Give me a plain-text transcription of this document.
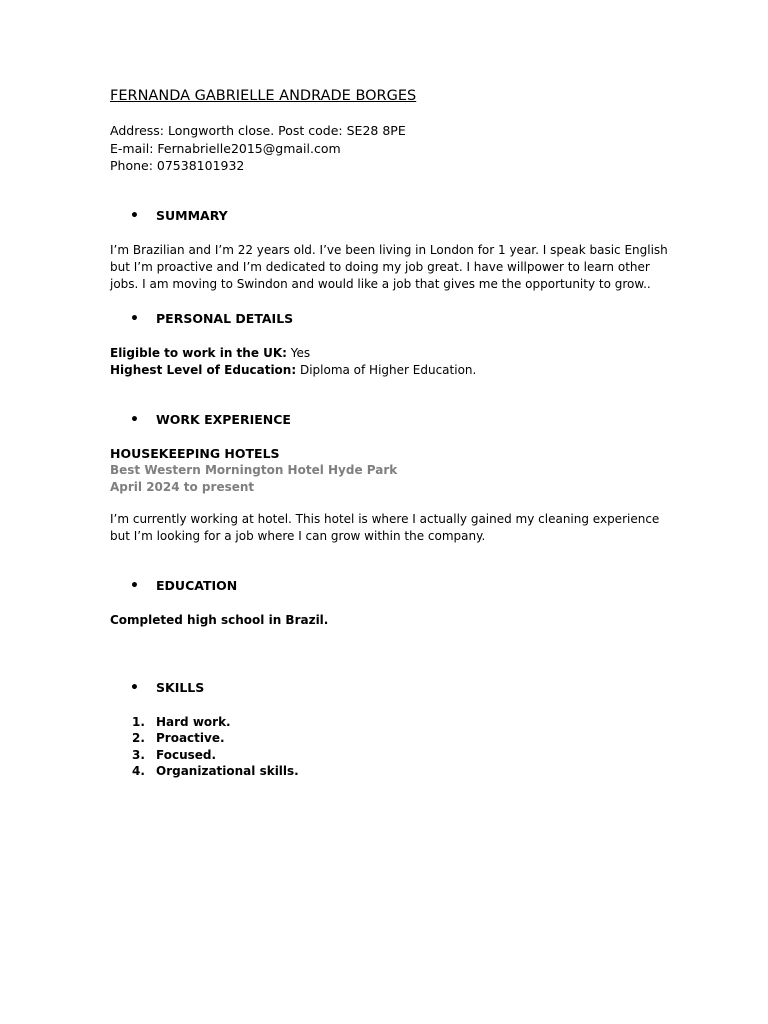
FERNANDA GABRIELLE ANDRADE BORGES
Address: Longworth close. Post code: SE28 8PE
E-mail: Fernabrielle2015@gmail.com
Phone: 07538101932
•	SUMMARY

I’m Brazilian and I’m 22 years old. I’ve been living in London for 1 year. I speak basic English but I’m proactive and I’m dedicated to doing my job great. I have willpower to learn other jobs. I am moving to Swindon and would like a job that gives me the opportunity to grow..

•	PERSONAL DETAILS

Eligible to work in the UK: Yes

Highest Level of Education: Diploma of Higher Education.

•	WORK EXPERIENCE

HOUSEKEEPING HOTELS

Best Western Mornington Hotel Hyde Park

April 2024 to present

I’m currently working at hotel. This hotel is where I actually gained my cleaning experience but I’m looking for a job where I can grow within the company.

•	EDUCATION

Completed high school in Brazil.

•	SKILLS
1. Hard work.
2. Proactive.
3. Focused.
4. Organizational skills.
